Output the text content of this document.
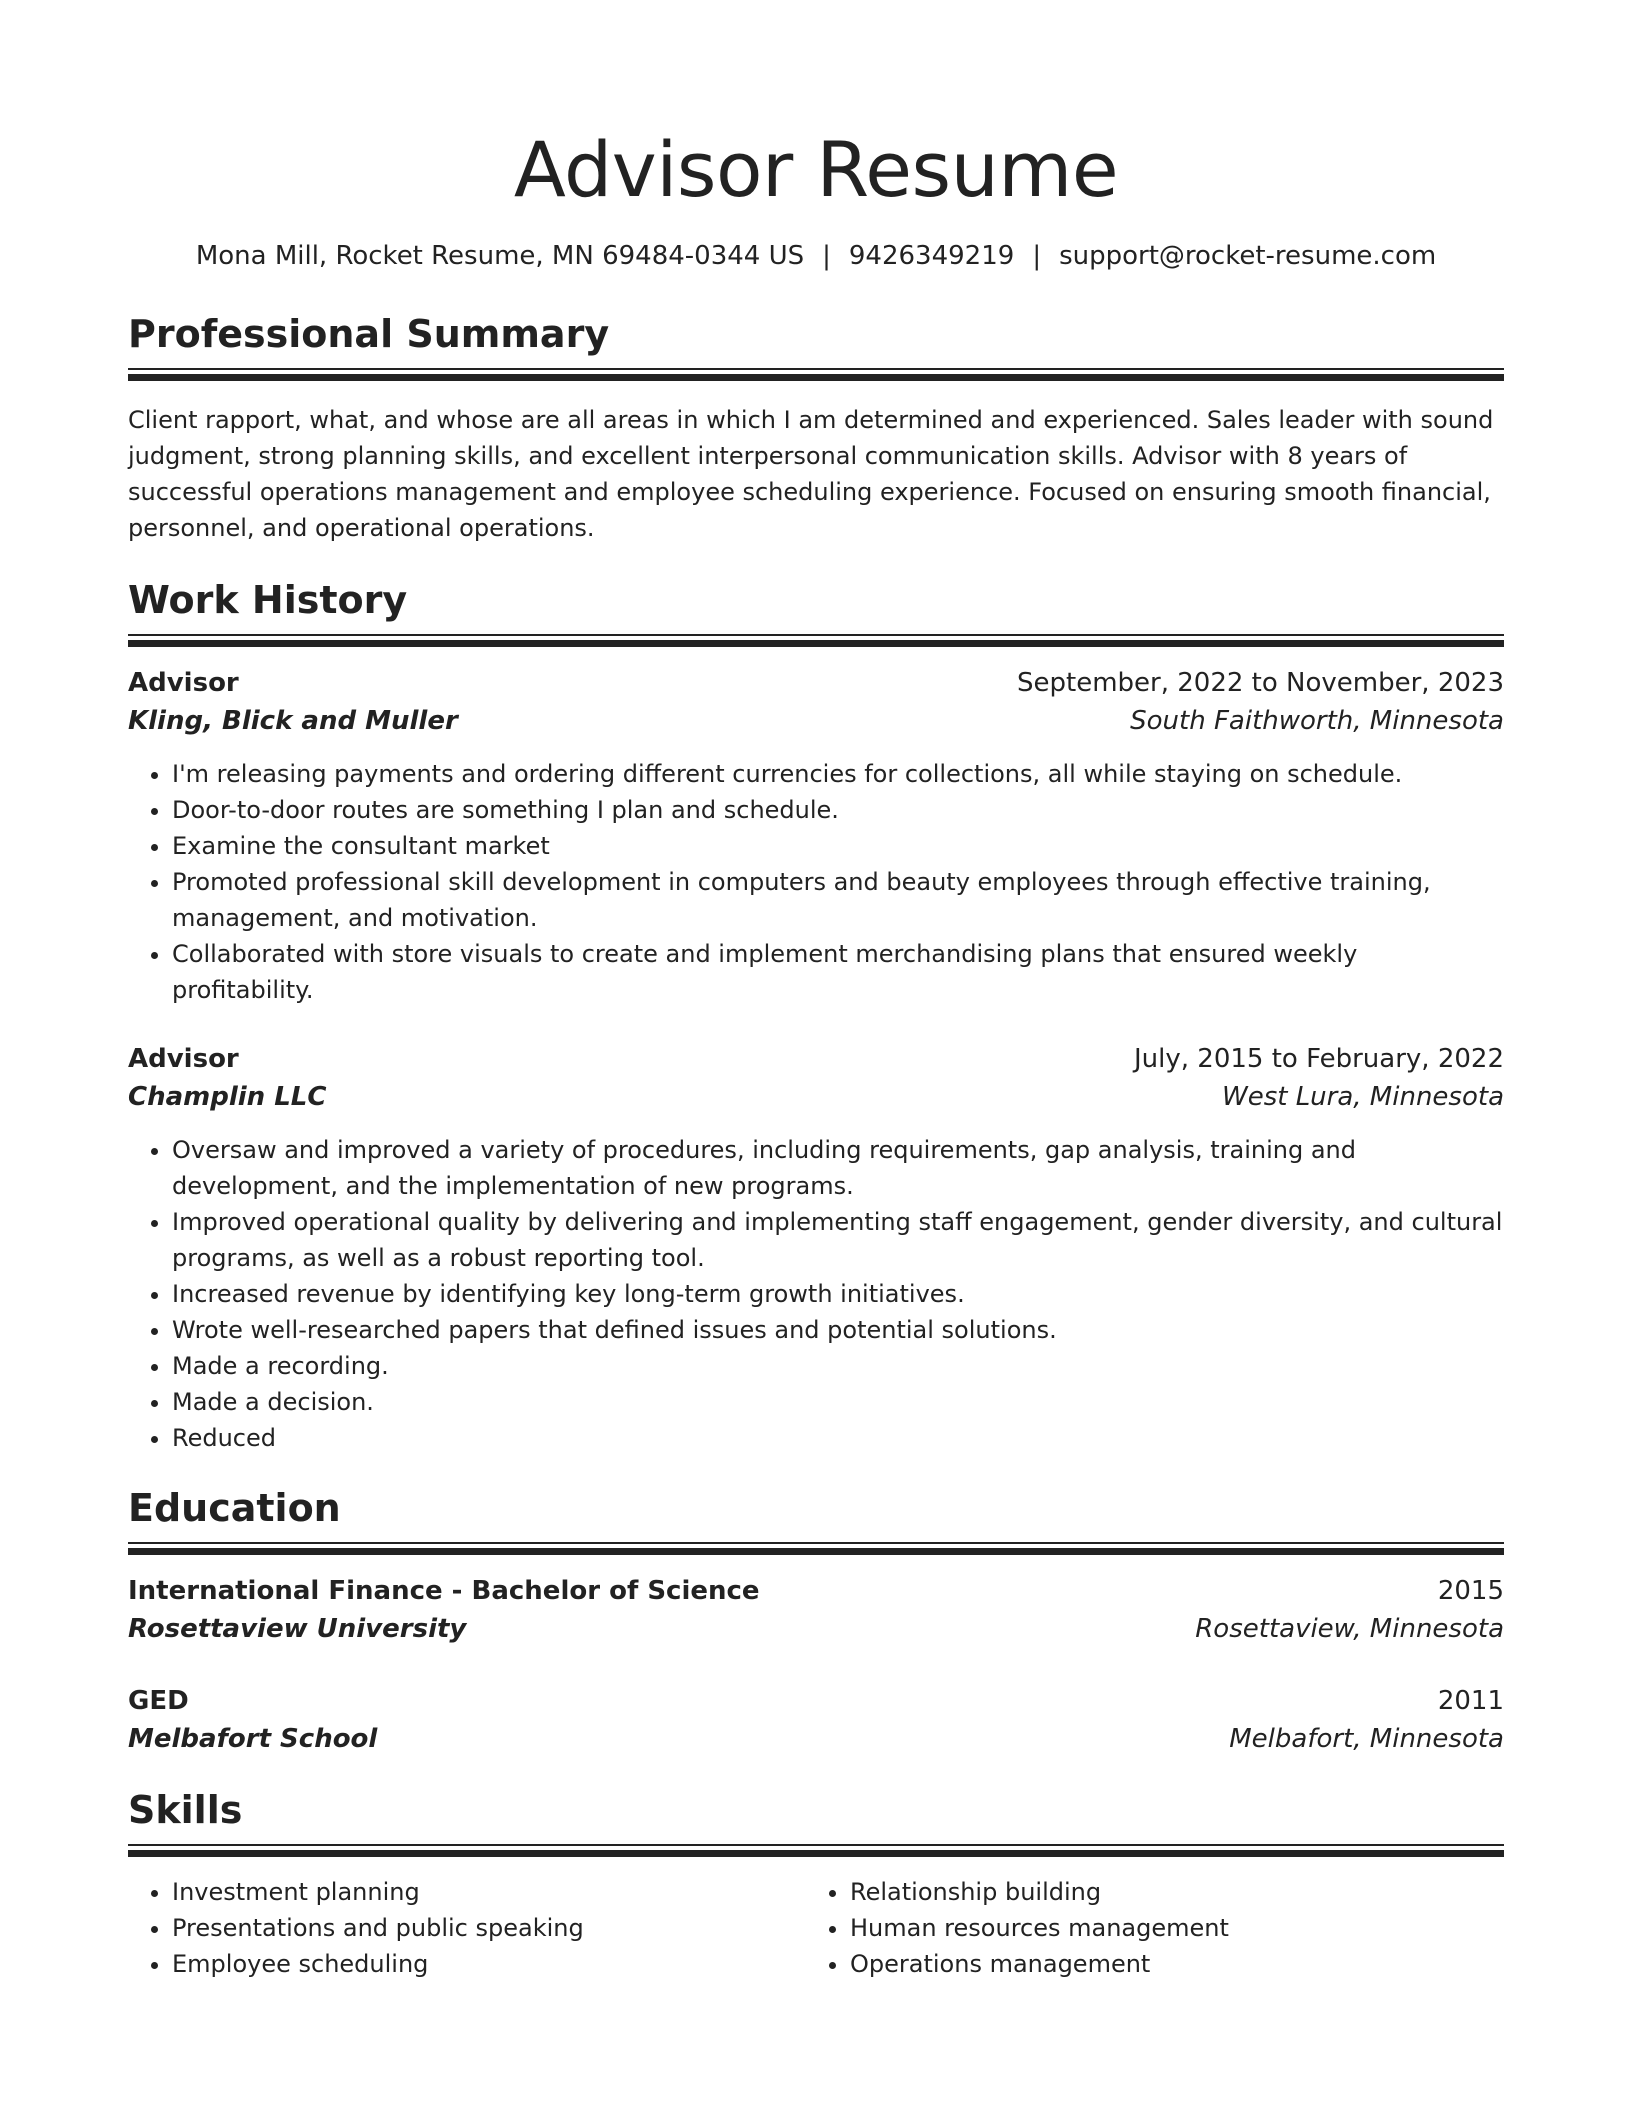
Advisor Resume
Mona Mill, Rocket Resume, MN 69484-0344 US | 9426349219 | support@rocket-resume.com
Professional Summary
Client rapport, what, and whose are all areas in which I am determined and experienced. Sales leader with sound judgment, strong planning skills, and excellent interpersonal communication skills. Advisor with 8 years of successful operations management and employee scheduling experience. Focused on ensuring smooth financial, personnel, and operational operations.
Work History
Advisor	September, 2022 to November, 2023
Kling, Blick and Muller	South Faithworth, Minnesota
• I'm releasing payments and ordering different currencies for collections, all while staying on schedule.
• Door-to-door routes are something I plan and schedule.
• Examine the consultant market
• Promoted professional skill development in computers and beauty employees through effective training, management, and motivation.
• Collaborated with store visuals to create and implement merchandising plans that ensured weekly profitability.
Advisor	July, 2015 to February, 2022
Champlin LLC	West Lura, Minnesota
• Oversaw and improved a variety of procedures, including requirements, gap analysis, training and development, and the implementation of new programs.
• Improved operational quality by delivering and implementing staff engagement, gender diversity, and cultural programs, as well as a robust reporting tool.
• Increased revenue by identifying key long-term growth initiatives.
• Wrote well-researched papers that defined issues and potential solutions.
• Made a recording.
• Made a decision.
• Reduced
Education
International Finance - Bachelor of Science	2015
Rosettaview University	Rosettaview, Minnesota
GED	2011
Melbafort School	Melbafort, Minnesota
Skills
• Investment planning
• Presentations and public speaking
• Employee scheduling
• Relationship building
• Human resources management
• Operations management
